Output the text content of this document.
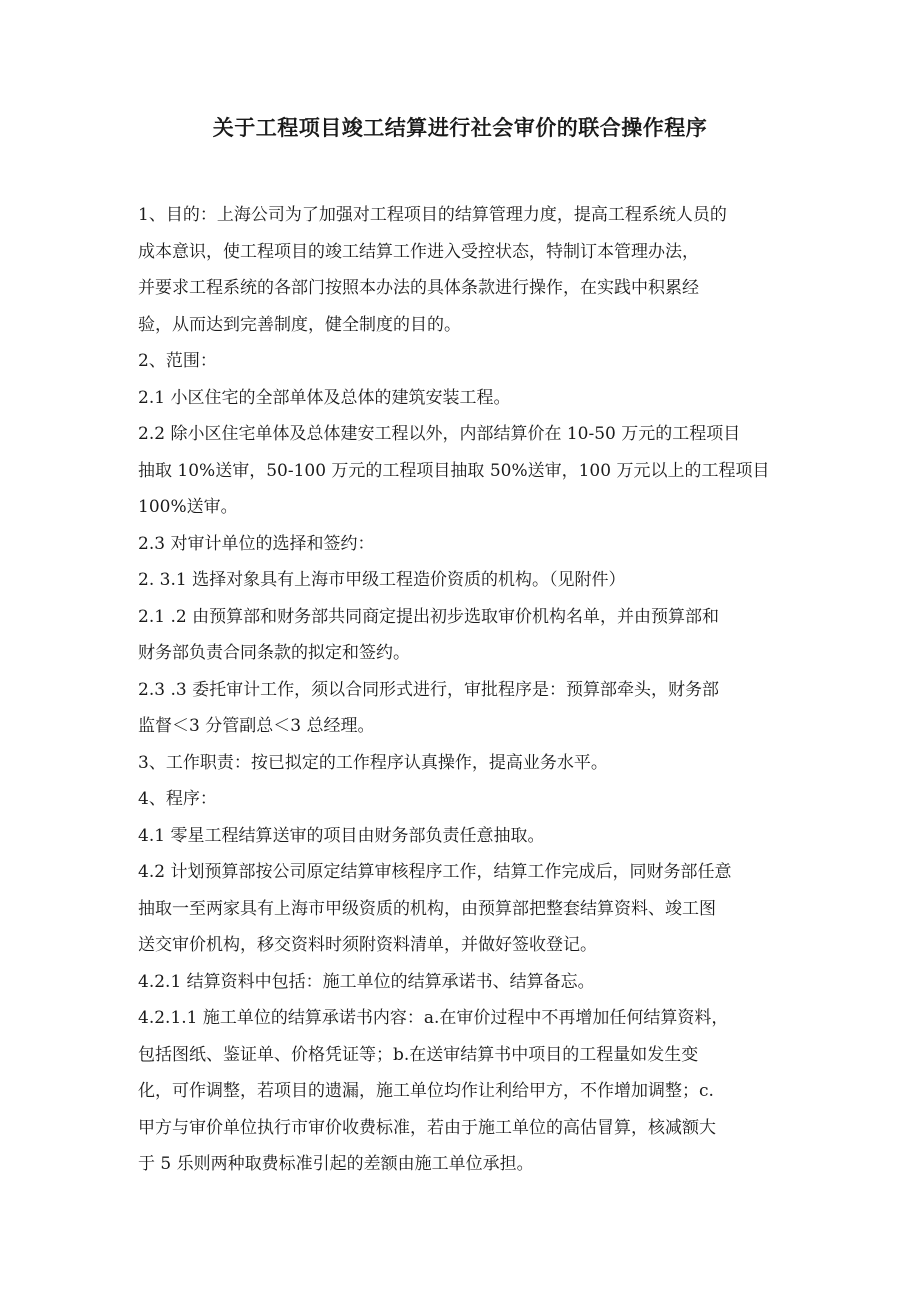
关于工程项目竣工结算进行社会审价的联合操作程序
1、目的：上海公司为了加强对工程项目的结算管理力度，提高工程系统人员的
成本意识，使工程项目的竣工结算工作进入受控状态，特制订本管理办法，
并要求工程系统的各部门按照本办法的具体条款进行操作，在实践中积累经
验，从而达到完善制度，健全制度的目的。
2、范围：
2.1 小区住宅的全部单体及总体的建筑安装工程。
2.2 除小区住宅单体及总体建安工程以外，内部结算价在 10-50 万元的工程项目
抽取 10%送审，50-100 万元的工程项目抽取 50%送审，100 万元以上的工程项目
100%送审。
2.3 对审计单位的选择和签约：
2. 3.1 选择对象具有上海市甲级工程造价资质的机构。（见附件）
2.1 .2 由预算部和财务部共同商定提出初步选取审价机构名单，并由预算部和
财务部负责合同条款的拟定和签约。
2.3 .3 委托审计工作，须以合同形式进行，审批程序是：预算部牵头，财务部
监督＜3 分管副总＜3 总经理。
3、工作职责：按已拟定的工作程序认真操作，提高业务水平。
4、程序：
4.1 零星工程结算送审的项目由财务部负责任意抽取。
4.2 计划预算部按公司原定结算审核程序工作，结算工作完成后，同财务部任意
抽取一至两家具有上海市甲级资质的机构，由预算部把整套结算资料、竣工图
送交审价机构，移交资料时须附资料清单，并做好签收登记。
4.2.1 结算资料中包括：施工单位的结算承诺书、结算备忘。
4.2.1.1 施工单位的结算承诺书内容：a.在审价过程中不再增加任何结算资料，
包括图纸、鉴证单、价格凭证等；b.在送审结算书中项目的工程量如发生变
化，可作调整，若项目的遗漏，施工单位均作让利给甲方，不作增加调整；c.
甲方与审价单位执行市审价收费标准，若由于施工单位的高估冒算，核减额大
于 5 乐则两种取费标准引起的差额由施工单位承担。
